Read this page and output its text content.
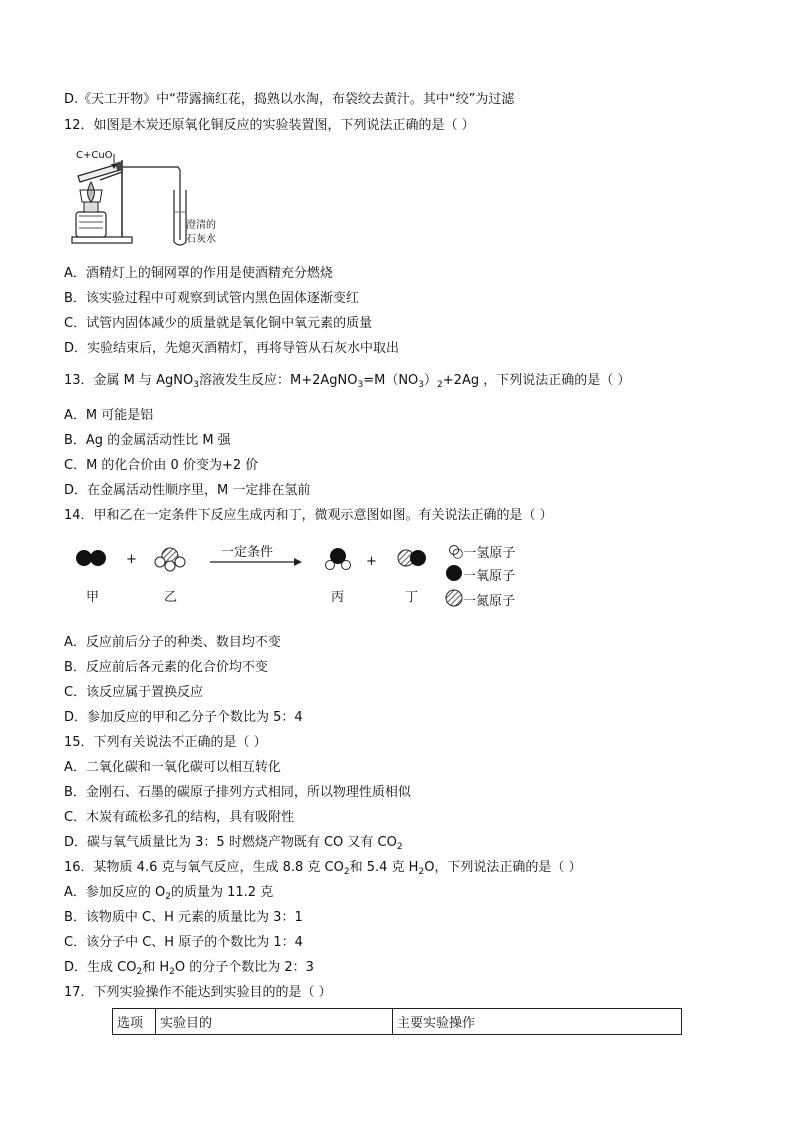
D.《天工开物》中“带露摘红花，捣熟以水淘，布袋绞去黄汁。其中“绞”为过滤
12．如图是木炭还原氧化铜反应的实验装置图，下列说法正确的是（ ）
C+CuO
澄清的
石灰水
A．酒精灯上的铜网罩的作用是使酒精充分燃烧
B．该实验过程中可观察到试管内黑色固体逐渐变红
C．试管内固体减少的质量就是氧化铜中氧元素的质量
D．实验结束后，先熄灭酒精灯，再将导管从石灰水中取出
13．金属 M 与 AgNO$_3$溶液发生反应：$M+2AgNO_3=M(NO_3)_2+2Ag$ ，下列说法正确的是（ ）
A．M 可能是铝
B．Ag 的金属活动性比 M 强
C．M 的化合价由 0 价变为+2 价
D．在金属活动性顺序里，M 一定排在氢前
14．甲和乙在一定条件下反应生成丙和丁，微观示意图如图。有关说法正确的是（ ）
+	一定条件
+
甲	乙	丙	丁
○一氢原子
一氧原子
一氮原子
A．反应前后分子的种类、数目均不变
B．反应前后各元素的化合价均不变
C．该反应属于置换反应
D．参加反应的甲和乙分子个数比为 5：4
15．下列有关说法不正确的是（ ）
A．二氧化碳和一氧化碳可以相互转化
B．金刚石、石墨的碳原子排列方式相同，所以物理性质相似
C．木炭有疏松多孔的结构，具有吸附性
D．碳与氧气质量比为 3：5 时燃烧产物既有 CO 又有 $CO_2$
16．某物质 4.6 克与氧气反应，生成 8.8 克 $CO_2$和 5.4 克 $H_2O$，下列说法正确的是（ ）
A．参加反应的 $O_2$的质量为 11.2 克
B．该物质中 C、H 元素的质量比为 3：1
C．该分子中 C、H 原子的个数比为 1：4
D．生成 $CO_2$和 $H_2O$ 的分子个数比为 2：3
17．下列实验操作不能达到实验目的的是（ ）
选项	实验目的	主要实验操作
